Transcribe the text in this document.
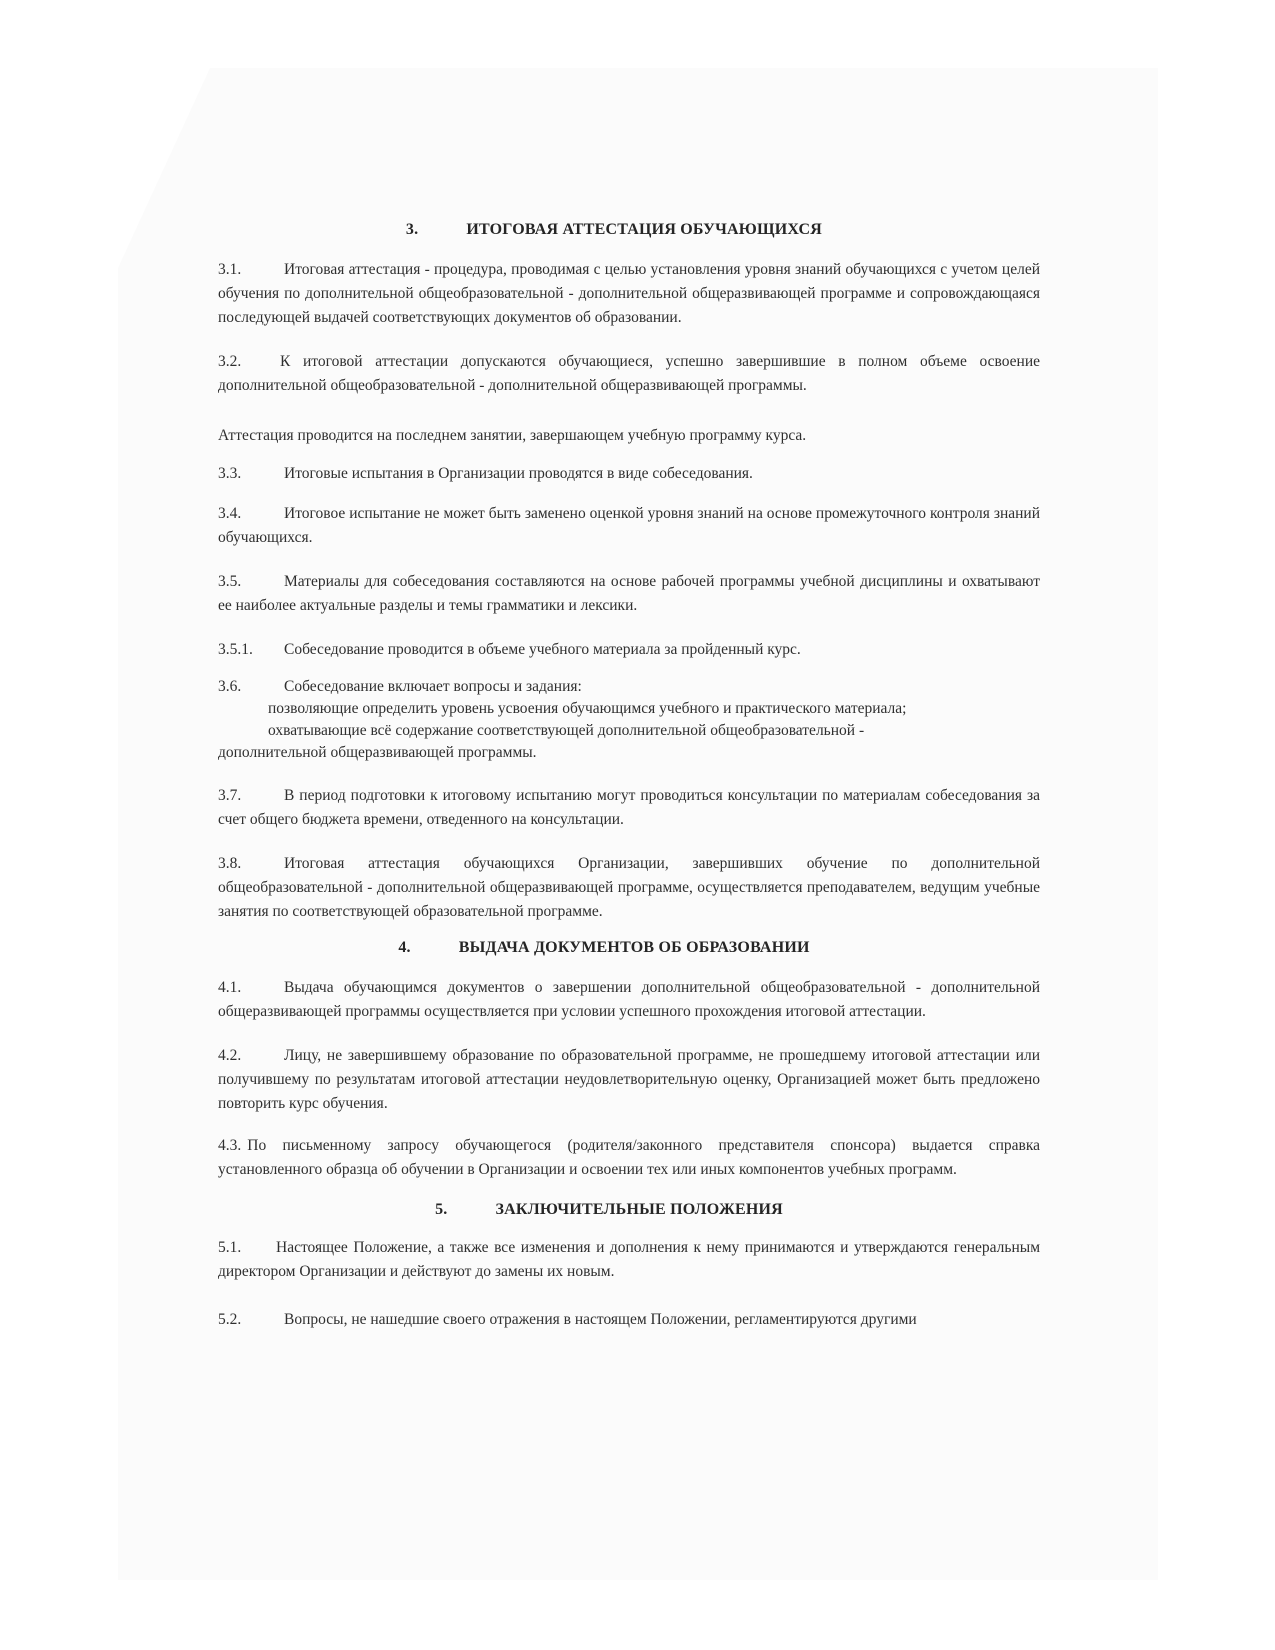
3.	ИТОГОВАЯ АТТЕСТАЦИЯ ОБУЧАЮЩИХСЯ

3.1.	Итоговая аттестация - процедура, проводимая с целью установления уровня знаний обучающихся с учетом целей обучения по дополнительной общеобразовательной - дополнительной общеразвивающей программе и сопровождающаяся последующей выдачей соответствующих документов об образовании.

3.2.	К итоговой аттестации допускаются обучающиеся, успешно завершившие в полном объеме освоение дополнительной общеобразовательной - дополнительной общеразвивающей программы.

Аттестация проводится на последнем занятии, завершающем учебную программу курса.

3.3.	Итоговые испытания в Организации проводятся в виде собеседования.

3.4.	Итоговое испытание не может быть заменено оценкой уровня знаний на основе промежуточного контроля знаний обучающихся.

3.5.	Материалы для собеседования составляются на основе рабочей программы учебной дисциплины и охватывают ее наиболее актуальные разделы и темы грамматики и лексики.

3.5.1. Собеседование проводится в объеме учебного материала за пройденный курс.

3.6.	Собеседование включает вопросы и задания:

позволяющие определить уровень усвоения обучающимся учебного и практического материала;

охватывающие всё содержание соответствующей дополнительной общеобразовательной -

дополнительной общеразвивающей программы.

3.7.	В период подготовки к итоговому испытанию могут проводиться консультации по материалам собеседования за счет общего бюджета времени, отведенного на консультации.

3.8.	Итоговая аттестация обучающихся Организации, завершивших обучение по дополнительной общеобразовательной - дополнительной общеразвивающей программе, осуществляется преподавателем, ведущим учебные занятия по соответствующей образовательной программе.

4.	ВЫДАЧА ДОКУМЕНТОВ ОБ ОБРАЗОВАНИИ

4.1.	Выдача обучающимся документов о завершении дополнительной общеобразовательной - дополнительной общеразвивающей программы осуществляется при условии успешного прохождения итоговой аттестации.

4.2.	Лицу, не завершившему образование по образовательной программе, не прошедшему итоговой аттестации или получившему по результатам итоговой аттестации неудовлетворительную оценку, Организацией может быть предложено повторить курс обучения.

4.3. По письменному запросу обучающегося (родителя/законного представителя спонсора) выдается справка установленного образца об обучении в Организации и освоении тех или иных компонентов учебных программ.

5.	ЗАКЛЮЧИТЕЛЬНЫЕ ПОЛОЖЕНИЯ

5.1. Настоящее Положение, а также все изменения и дополнения к нему принимаются и утверждаются генеральным директором Организации и действуют до замены их новым.

5.2.	Вопросы, не нашедшие своего отражения в настоящем Положении, регламентируются другими
